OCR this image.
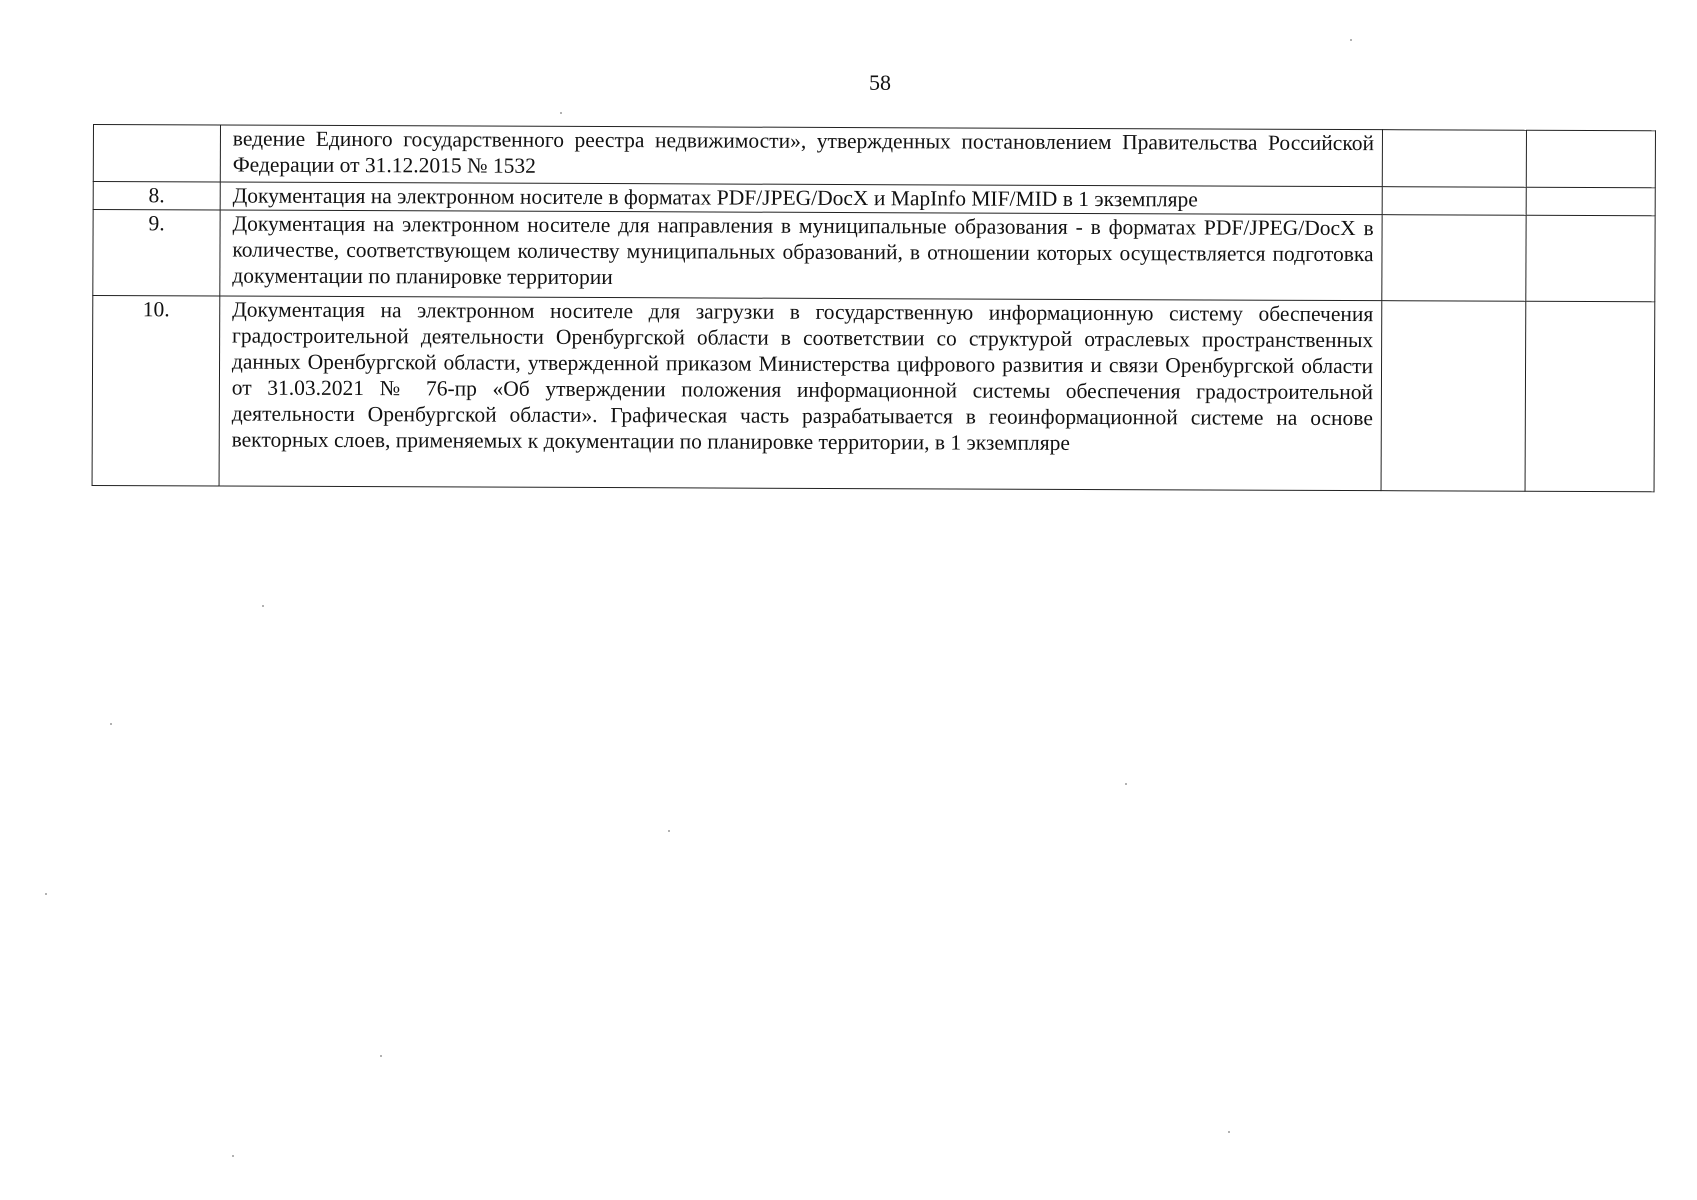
58
	ведение Единого государственного реестра недвижимости», утвержденных постановлением Правительства Российской Федерации от 31.12.2015 № 1532		
8.	Документация на электронном носителе в форматах PDF/JPEG/DocX и MapInfo MIF/MID в 1 экземпляре		
9.	Документация на электронном носителе для направления в муниципальные образования - в форматах PDF/JPEG/DocX в количестве, соответствующем количеству муниципальных образований, в отношении которых осуществляется подготовка документации по планировке территории		
10.	Документация на электронном носителе для загрузки в государственную информационную систему обеспечения градостроительной деятельности Оренбургской области в соответствии со структурой отраслевых пространственных данных Оренбургской области, утвержденной приказом Министерства цифрового развития и связи Оренбургской области от 31.03.2021 № 76-пр «Об утверждении положения информационной системы обеспечения градостроительной деятельности Оренбургской области». Графическая часть разрабатывается в геоинформационной системе на основе векторных слоев, применяемых к документации по планировке территории, в 1 экземпляре		
